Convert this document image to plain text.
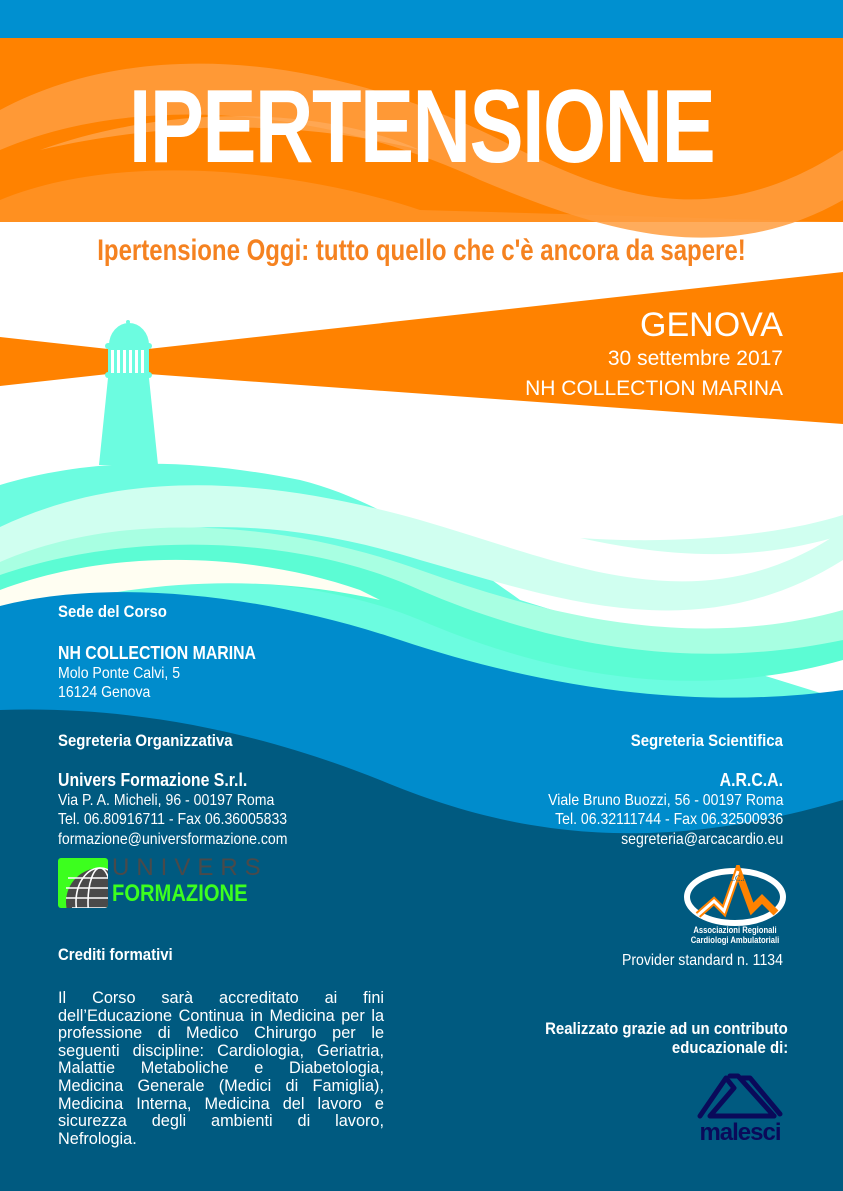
IPERTENSIONE
Ipertensione Oggi: tutto quello che c'è ancora da sapere!
GENOVA
30 settembre 2017
NH COLLECTION MARINA
Sede del Corso
NH COLLECTION MARINA
Molo Ponte Calvi, 5
16124 Genova
Segreteria Organizzativa
Univers Formazione S.r.l.
Via P. A. Micheli, 96 - 00197 Roma
Tel. 06.80916711 - Fax 06.36005833
formazione@universformazione.com
UNIVERS
FORMAZIONE
Segreteria Scientifica
A.R.C.A.
Viale Bruno Buozzi, 56 - 00197 Roma
Tel. 06.32111744 - Fax 06.32500936
segreteria@arcacardio.eu
A.R.C.A.
Associazioni Regionali
Cardiologi Ambulatoriali
Provider standard n. 1134
Crediti formativi
Il Corso sarà accreditato ai fini dell’Educazione Continua in Medicina per la professione di Medico Chirurgo per le seguenti discipline: Cardiologia, Geriatria, Malattie Metaboliche e Diabetologia, Medicina Generale (Medici di Famiglia), Medicina Interna, Medicina del lavoro e sicurezza degli ambienti di lavoro, Nefrologia.
Realizzato grazie ad un contributo
educazionale di:
malesci
